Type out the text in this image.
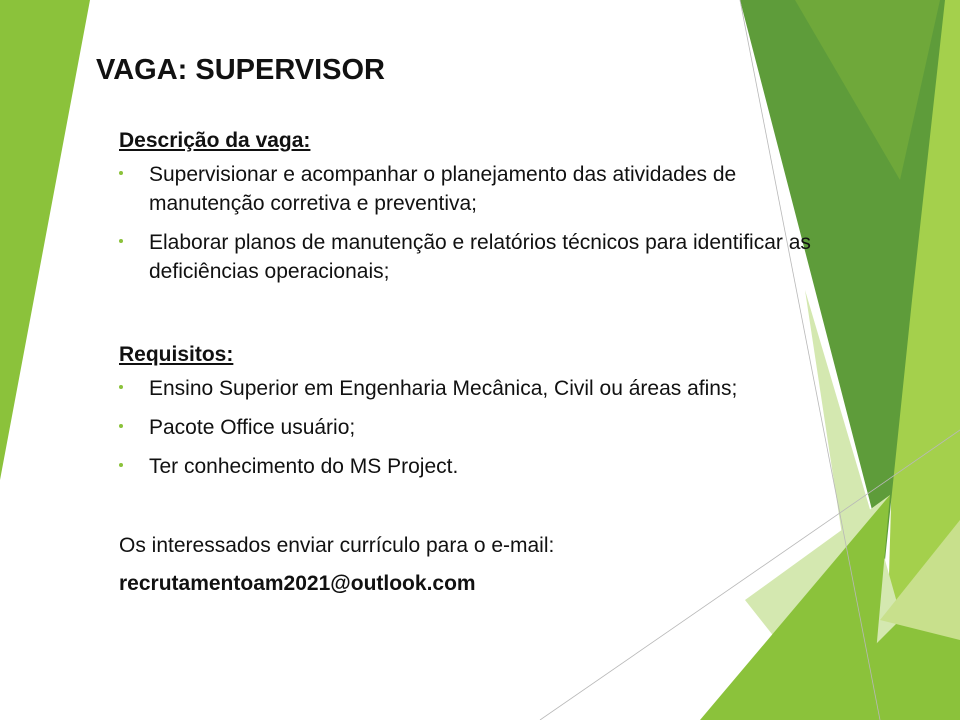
VAGA: SUPERVISOR

Descrição da vaga:

Supervisionar e acompanhar o planejamento das atividades de manutenção corretiva e preventiva;
Elaborar planos de manutenção e relatórios técnicos para identificar as deficiências operacionais;

Requisitos:

Ensino Superior em Engenharia Mecânica, Civil ou áreas afins;
Pacote Office usuário;
Ter conhecimento do MS Project.

Os interessados enviar currículo para o e-mail:

recrutamentoam2021@outlook.com
